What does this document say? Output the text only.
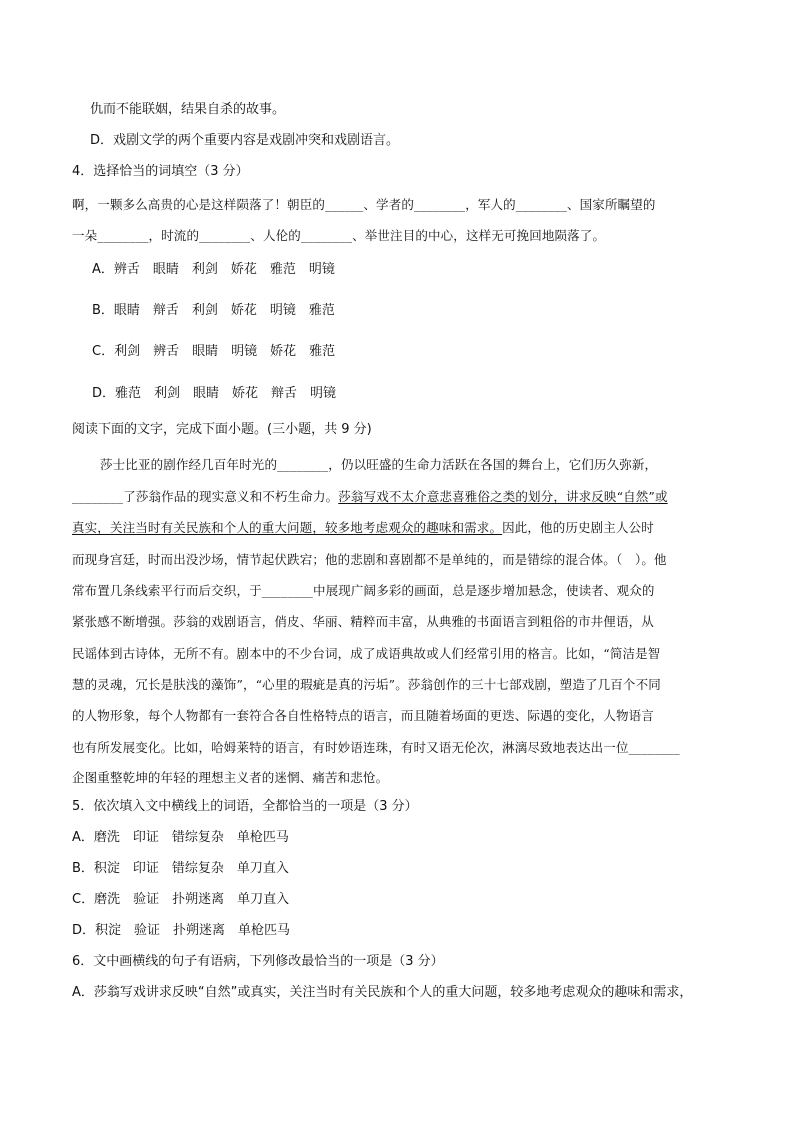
仇而不能联姻，结果自杀的故事。
D．戏剧文学的两个重要内容是戏剧冲突和戏剧语言。
4．选择恰当的词填空（3 分）
啊，一颗多么高贵的心是这样陨落了！朝臣的______、学者的________，军人的________、国家所瞩望的
一朵________，时流的________、人伦的________、举世注目的中心，这样无可挽回地陨落了。
A．辨舌　眼睛　利剑　娇花　雅范　明镜
B．眼睛　辩舌　利剑　娇花　明镜　雅范
C．利剑　辨舌　眼睛　明镜　娇花　雅范
D．雅范　利剑　眼睛　娇花　辩舌　明镜
阅读下面的文字，完成下面小题。(三小题，共 9 分)
莎士比亚的剧作经几百年时光的________，仍以旺盛的生命力活跃在各国的舞台上，它们历久弥新，
________了莎翁作品的现实意义和不朽生命力。莎翁写戏不太介意悲喜雅俗之类的划分，讲求反映“自然”或
真实，关注当时有关民族和个人的重大问题，较多地考虑观众的趣味和需求。因此，他的历史剧主人公时
而现身宫廷，时而出没沙场，情节起伏跌宕；他的悲剧和喜剧都不是单纯的，而是错综的混合体。（　）。他
常布置几条线索平行而后交织，于________中展现广阔多彩的画面，总是逐步增加悬念，使读者、观众的
紧张感不断增强。莎翁的戏剧语言，俏皮、华丽、精粹而丰富，从典雅的书面语言到粗俗的市井俚语，从
民谣体到古诗体，无所不有。剧本中的不少台词，成了成语典故或人们经常引用的格言。比如，“简洁是智
慧的灵魂，冗长是肤浅的藻饰”，“心里的瑕疵是真的污垢”。莎翁创作的三十七部戏剧，塑造了几百个不同
的人物形象，每个人物都有一套符合各自性格特点的语言，而且随着场面的更迭、际遇的变化，人物语言
也有所发展变化。比如，哈姆莱特的语言，有时妙语连珠，有时又语无伦次，淋漓尽致地表达出一位________
企图重整乾坤的年轻的理想主义者的迷惘、痛苦和悲怆。
5．依次填入文中横线上的词语，全都恰当的一项是（3 分）
A．磨洗　印证　错综复杂　单枪匹马
B．积淀　印证　错综复杂　单刀直入
C．磨洗　验证　扑朔迷离　单刀直入
D．积淀　验证　扑朔迷离　单枪匹马
6．文中画横线的句子有语病，下列修改最恰当的一项是（3 分）
A．莎翁写戏讲求反映“自然”或真实，关注当时有关民族和个人的重大问题，较多地考虑观众的趣味和需求，
